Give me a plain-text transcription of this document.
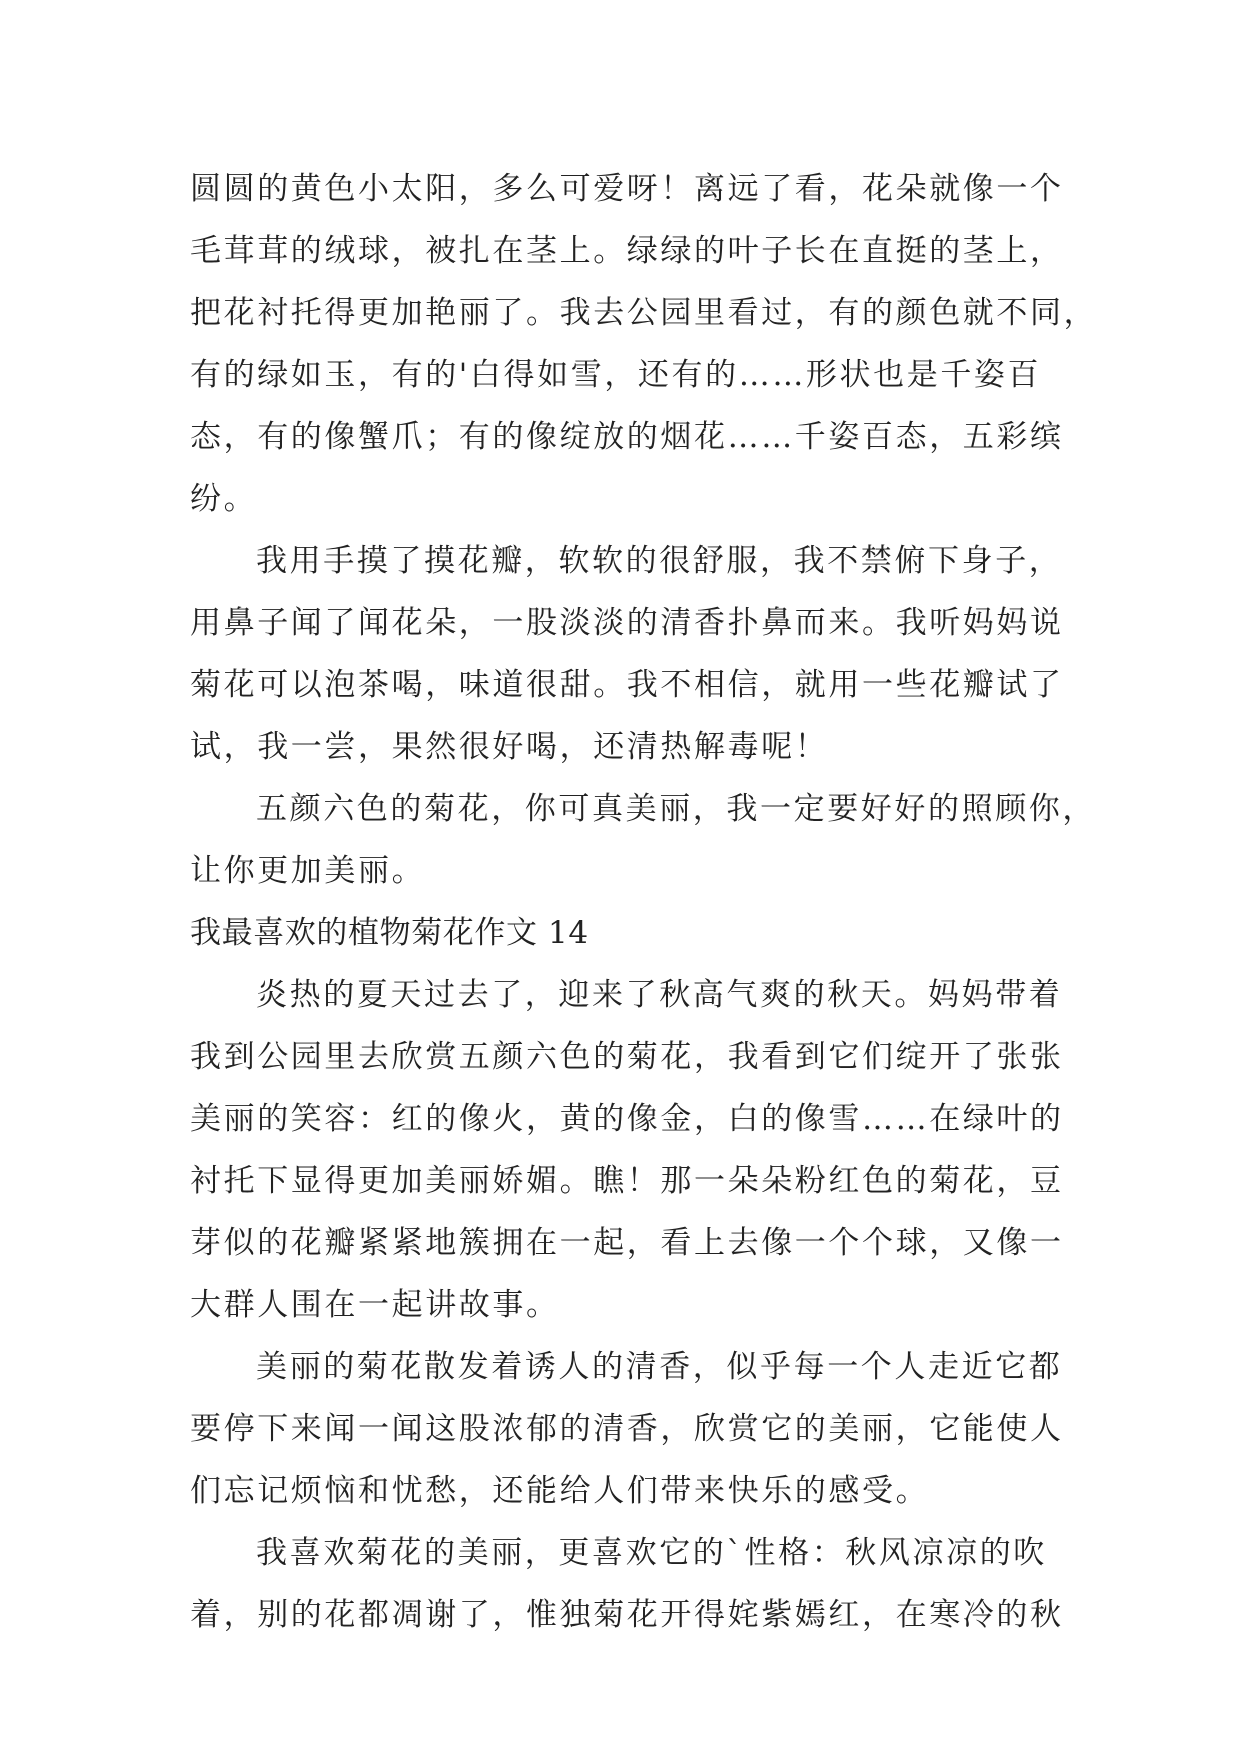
圆圆的黄色小太阳，多么可爱呀！离远了看，花朵就像一个
毛茸茸的绒球，被扎在茎上。绿绿的叶子长在直挺的茎上，
把花衬托得更加艳丽了。我去公园里看过，有的颜色就不同，
有的绿如玉，有的'白得如雪，还有的……形状也是千姿百
态，有的像蟹爪；有的像绽放的烟花……千姿百态，五彩缤
纷。
我用手摸了摸花瓣，软软的很舒服，我不禁俯下身子，
用鼻子闻了闻花朵，一股淡淡的清香扑鼻而来。我听妈妈说
菊花可以泡茶喝，味道很甜。我不相信，就用一些花瓣试了
试，我一尝，果然很好喝，还清热解毒呢！
五颜六色的菊花，你可真美丽，我一定要好好的照顾你，
让你更加美丽。
我最喜欢的植物菊花作文 14
炎热的夏天过去了，迎来了秋高气爽的秋天。妈妈带着
我到公园里去欣赏五颜六色的菊花，我看到它们绽开了张张
美丽的笑容：红的像火，黄的像金，白的像雪……在绿叶的
衬托下显得更加美丽娇媚。瞧！那一朵朵粉红色的菊花，豆
芽似的花瓣紧紧地簇拥在一起，看上去像一个个球，又像一
大群人围在一起讲故事。
美丽的菊花散发着诱人的清香，似乎每一个人走近它都
要停下来闻一闻这股浓郁的清香，欣赏它的美丽，它能使人
们忘记烦恼和忧愁，还能给人们带来快乐的感受。
我喜欢菊花的美丽，更喜欢它的`性格：秋风凉凉的吹
着，别的花都凋谢了，惟独菊花开得姹紫嫣红，在寒冷的秋
